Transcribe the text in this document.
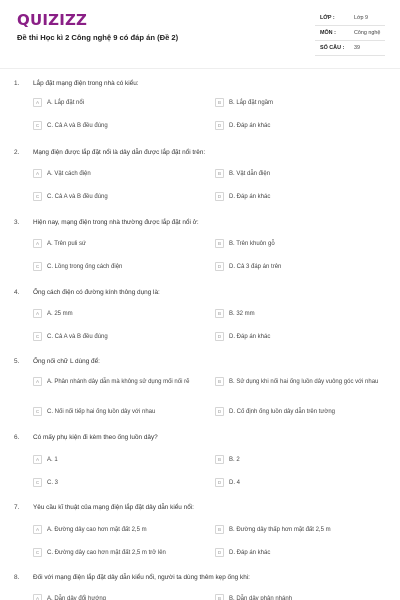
QUIZIZZ
Đề thi Học kì 2 Công nghệ 9 có đáp án (Đề 2)
LỚP :	Lớp 9
MÔN :	Công nghệ
SỐ CÂU : 39
1. Lắp đặt mạng điện trong nhà có kiểu:
A	A. Lắp đặt nổi	B	B. Lắp đặt ngầm
C	C. Cả A và B đều đúng	D	D. Đáp án khác
2. Mạng điện được lắp đặt nổi là dây dẫn được lắp đặt nổi trên:
A	A. Vật cách điện	B	B. Vật dẫn điện
C	C. Cả A và B đều đúng	D	D. Đáp án khác
3. Hiện nay, mạng điện trong nhà thường được lắp đặt nổi ở:
A	A. Trên puli sứ	B	B. Trên khuôn gỗ
C	C. Lồng trong ống cách điện	D	D. Cả 3 đáp án trên
4. Ống cách điện có đường kính thông dụng là:
A	A. 25 mm	B	B. 32 mm
C	C. Cả A và B đều đúng	D	D. Đáp án khác
5. Ống nối chữ L dùng để:
A	A. Phân nhánh dây dẫn mà không sử dụng mối nối rẽ	B	B. Sử dụng khi nối hai ống luồn dây vuông góc với nhau
C	C. Nối nối tiếp hai ống luồn dây với nhau	D	D. Cố định ống luồn dây dẫn trên tường
6. Có mấy phụ kiện đi kèm theo ống luồn dây?
A	A. 1	B	B. 2
C	C. 3	D	D. 4
7. Yêu cầu kĩ thuật của mạng điện lắp đặt dây dẫn kiểu nổi:
A	A. Đường dây cao hơn mặt đất 2,5 m	B	B. Đường dây thấp hơn mặt đất 2,5 m
C	C. Đường dây cao hơn mặt đất 2,5 m trở lên	D	D. Đáp án khác
8. Đối với mạng điện lắp đặt dây dẫn kiểu nổi, người ta dùng thêm kẹp ống khi:
A	A. Dẫn dây đổi hướng	B	B. Dẫn dây phân nhánh
